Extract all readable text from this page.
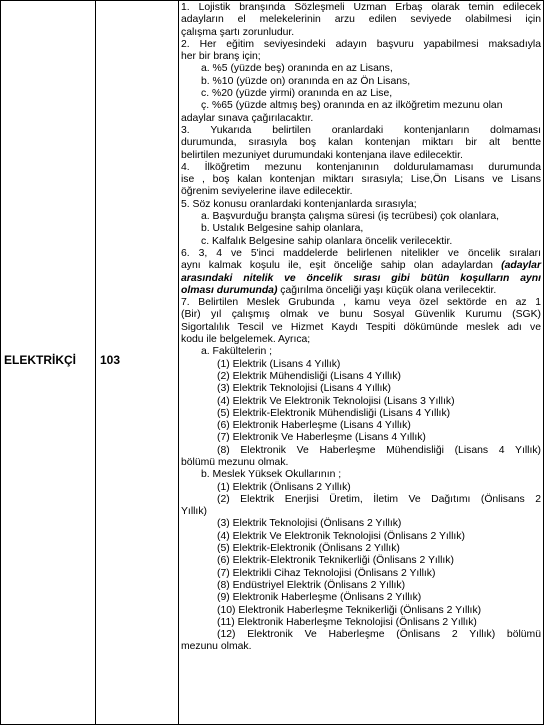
ELEKTRİKÇİ 103
1. Lojistik branşında Sözleşmeli Uzman Erbaş olarak temin edilecek
adayların el melekelerinin arzu edilen seviyede olabilmesi için
çalışma şartı zorunludur.
2. Her eğitim seviyesindeki adayın başvuru yapabilmesi maksadıyla
her bir branş için;
a. %5 (yüzde beş) oranında en az Lisans,
b. %10 (yüzde on) oranında en az Ön Lisans,
c. %20 (yüzde yirmi) oranında en az Lise,
ç. %65 (yüzde altmış beş) oranında en az ilköğretim mezunu olan
adaylar sınava çağırılacaktır.
3. Yukarıda belirtilen oranlardaki kontenjanların dolmaması
durumunda, sırasıyla boş kalan kontenjan miktarı bir alt bentte
belirtilen mezuniyet durumundaki kontenjana ilave edilecektir.
4. İlköğretim mezunu kontenjanının doldurulamaması durumunda
ise , boş kalan kontenjan miktarı sırasıyla; Lise,Ön Lisans ve Lisans
öğrenim seviyelerine ilave edilecektir.
5. Söz konusu oranlardaki kontenjanlarda sırasıyla;
a. Başvurduğu branşta çalışma süresi (iş tecrübesi) çok olanlara,
b. Ustalık Belgesine sahip olanlara,
c. Kalfalık Belgesine sahip olanlara öncelik verilecektir.
6. 3, 4 ve 5'inci maddelerde belirlenen nitelikler ve öncelik sıraları
aynı kalmak koşulu ile, eşit önceliğe sahip olan adaylardan (adaylar
arasındaki nitelik ve öncelik sırası gibi bütün koşulların aynı
olması durumunda) çağırılma önceliği yaşı küçük olana verilecektir.
7. Belirtilen Meslek Grubunda , kamu veya özel sektörde en az 1
(Bir) yıl çalışmış olmak ve bunu Sosyal Güvenlik Kurumu (SGK)
Sigortalılık Tescil ve Hizmet Kaydı Tespiti dökümünde meslek adı ve
kodu ile belgelemek. Ayrıca;
a. Fakültelerin ;
(1) Elektrik (Lisans 4 Yıllık)
(2) Elektrik Mühendisliği (Lisans 4 Yıllık)
(3) Elektrik Teknolojisi (Lisans 4 Yıllık)
(4) Elektrik Ve Elektronik Teknolojisi (Lisans 3 Yıllık)
(5) Elektrik-Elektronik Mühendisliği (Lisans 4 Yıllık)
(6) Elektronik Haberleşme (Lisans 4 Yıllık)
(7) Elektronik Ve Haberleşme (Lisans 4 Yıllık)
(8) Elektronik Ve Haberleşme Mühendisliği (Lisans 4 Yıllık)
bölümü mezunu olmak.
b. Meslek Yüksek Okullarının ;
(1) Elektrik (Önlisans 2 Yıllık)
(2) Elektrik Enerjisi Üretim, İletim Ve Dağıtımı (Önlisans 2
Yıllık)
(3) Elektrik Teknolojisi (Önlisans 2 Yıllık)
(4) Elektrik Ve Elektronik Teknolojisi (Önlisans 2 Yıllık)
(5) Elektrik-Elektronik (Önlisans 2 Yıllık)
(6) Elektrik-Elektronik Teknikerliği (Önlisans 2 Yıllık)
(7) Elektrikli Cihaz Teknolojisi (Önlisans 2 Yıllık)
(8) Endüstriyel Elektrik (Önlisans 2 Yıllık)
(9) Elektronik Haberleşme (Önlisans 2 Yıllık)
(10) Elektronik Haberleşme Teknikerliği (Önlisans 2 Yıllık)
(11) Elektronik Haberleşme Teknolojisi (Önlisans 2 Yıllık)
(12) Elektronik Ve Haberleşme (Önlisans 2 Yıllık) bölümü
mezunu olmak.
